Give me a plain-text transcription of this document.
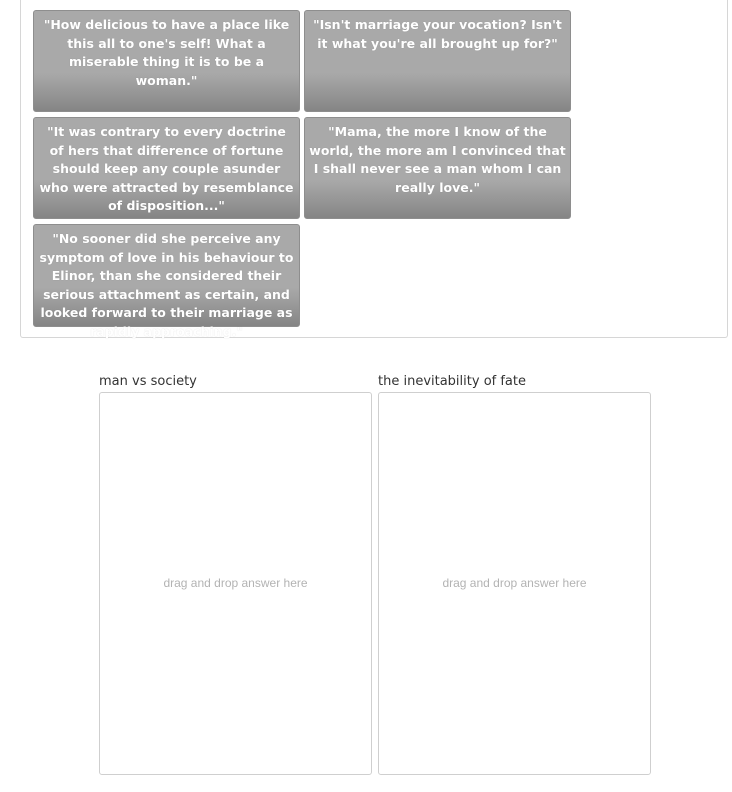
"How delicious to have a place like this all to one's self! What a miserable thing it is to be a woman."
"Isn't marriage your vocation? Isn't it what you're all brought up for?"
"It was contrary to every doctrine of hers that difference of fortune should keep any couple asunder who were attracted by resemblance of disposition..."
"Mama, the more I know of the world, the more am I convinced that I shall never see a man whom I can really love."
"No sooner did she perceive any symptom of love in his behaviour to Elinor, than she considered their serious attachment as certain, and looked forward to their marriage as rapidly approaching."
man vs society
drag and drop answer here
the inevitability of fate
drag and drop answer here
